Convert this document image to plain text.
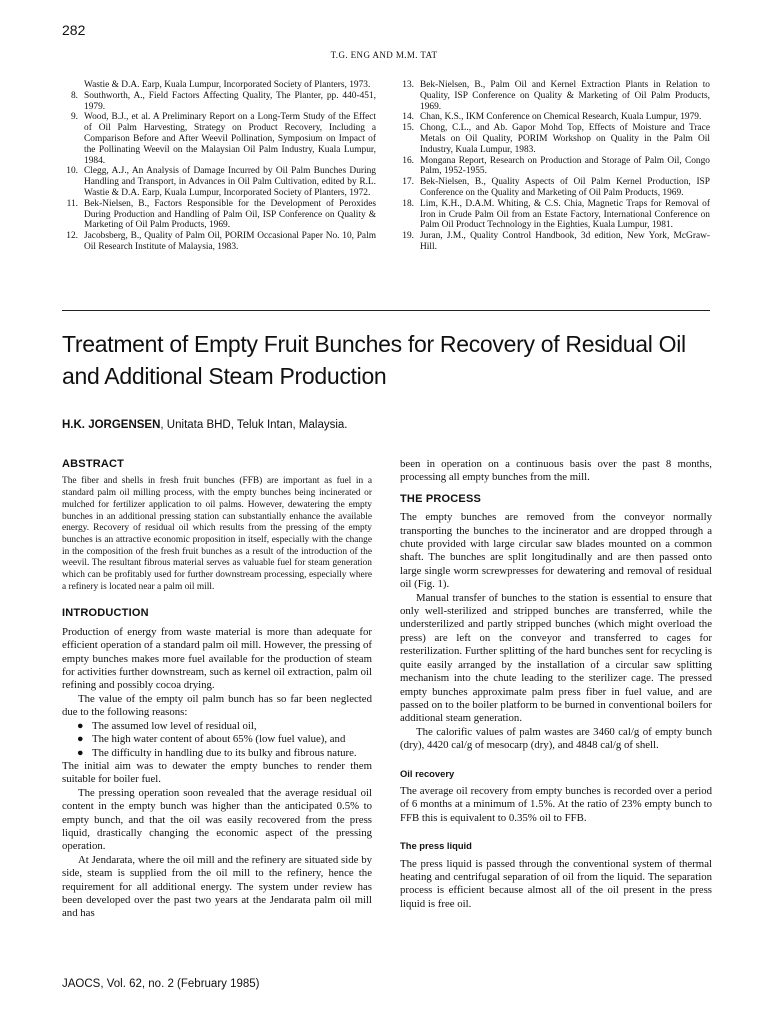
282
T.G. ENG AND M.M. TAT
Wastie & D.A. Earp, Kuala Lumpur, Incorporated Society of Planters, 1973.
8. Southworth, A., Field Factors Affecting Quality, The Planter, pp. 440-451, 1979.
9. Wood, B.J., et al. A Preliminary Report on a Long-Term Study of the Effect of Oil Palm Harvesting, Strategy on Product Recovery, Including a Comparison Before and After Weevil Pollination, Symposium on Impact of the Pollinating Weevil on the Malaysian Oil Palm Industry, Kuala Lumpur, 1984.
10. Clegg, A.J., An Analysis of Damage Incurred by Oil Palm Bunches During Handling and Transport, in Advances in Oil Palm Cultivation, edited by R.L. Wastie & D.A. Earp, Kuala Lumpur, Incorporated Society of Planters, 1972.
11. Bek-Nielsen, B., Factors Responsible for the Development of Peroxides During Production and Handling of Palm Oil, ISP Conference on Quality & Marketing of Oil Palm Products, 1969.
12. Jacobsberg, B., Quality of Palm Oil, PORIM Occasional Paper No. 10, Palm Oil Research Institute of Malaysia, 1983.
13. Bek-Nielsen, B., Palm Oil and Kernel Extraction Plants in Relation to Quality, ISP Conference on Quality & Marketing of Oil Palm Products, 1969.
14. Chan, K.S., IKM Conference on Chemical Research, Kuala Lumpur, 1979.
15. Chong, C.L., and Ab. Gapor Mohd Top, Effects of Moisture and Trace Metals on Oil Quality, PORIM Workshop on Quality in the Palm Oil Industry, Kuala Lumpur, 1983.
16. Mongana Report, Research on Production and Storage of Palm Oil, Congo Palm, 1952-1955.
17. Bek-Nielsen, B., Quality Aspects of Oil Palm Kernel Production, ISP Conference on the Quality and Marketing of Oil Palm Products, 1969.
18. Lim, K.H., D.A.M. Whiting, & C.S. Chia, Magnetic Traps for Removal of Iron in Crude Palm Oil from an Estate Factory, International Conference on Palm Oil Product Technology in the Eighties, Kuala Lumpur, 1981.
19. Juran, J.M., Quality Control Handbook, 3d edition, New York, McGraw-Hill.
Treatment of Empty Fruit Bunches for Recovery of Residual Oil and Additional Steam Production
H.K. JORGENSEN, Unitata BHD, Teluk Intan, Malaysia.
ABSTRACT

The fiber and shells in fresh fruit bunches (FFB) are important as fuel in a standard palm oil milling process, with the empty bunches being incinerated or mulched for fertilizer application to oil palms. However, dewatering the empty bunches in an additional pressing station can substantially enhance the available energy. Recovery of residual oil which results from the pressing of the empty bunches is an attractive economic proposition in itself, especially with the change in the composition of the fresh fruit bunches as a result of the introduction of the weevil. The resultant fibrous material serves as valuable fuel for steam generation which can be profitably used for further downstream processing, especially where a refinery is located near a palm oil mill.

INTRODUCTION

Production of energy from waste material is more than adequate for efficient operation of a standard palm oil mill. However, the pressing of empty bunches makes more fuel available for the production of steam for activities further downstream, such as kernel oil extraction, palm oil refining and possibly cocoa drying.

The value of the empty oil palm bunch has so far been neglected due to the following reasons:

● The assumed low level of residual oil,
● The high water content of about 65% (low fuel value), and
● The difficulty in handling due to its bulky and fibrous nature.

The initial aim was to dewater the empty bunches to render them suitable for boiler fuel.

The pressing operation soon revealed that the average residual oil content in the empty bunch was higher than the anticipated 0.5% to empty bunch, and that the oil was easily recovered from the press liquid, drastically changing the economic aspect of the pressing operation.

At Jendarata, where the oil mill and the refinery are situated side by side, steam is supplied from the oil mill to the refinery, hence the requirement for all additional energy. The system under review has been developed over the past two years at the Jendarata palm oil mill and has

been in operation on a continuous basis over the past 8 months, processing all empty bunches from the mill.

THE PROCESS

The empty bunches are removed from the conveyor normally transporting the bunches to the incinerator and are dropped through a chute provided with large circular saw blades mounted on a common shaft. The bunches are split longitudinally and are then passed onto large single worm screwpresses for dewatering and removal of residual oil (Fig. 1).

Manual transfer of bunches to the station is essential to ensure that only well-sterilized and stripped bunches are transferred, while the understerilized and partly stripped bunches (which might overload the press) are left on the conveyor and transferred to cages for resterilization. Further splitting of the hard bunches sent for recycling is quite easily arranged by the installation of a circular saw splitting mechanism into the chute leading to the sterilizer cage. The pressed empty bunches approximate palm press fiber in fuel value, and are passed on to the boiler platform to be burned in conventional boilers for additional steam generation.

The calorific values of palm wastes are 3460 cal/g of empty bunch (dry), 4420 cal/g of mesocarp (dry), and 4848 cal/g of shell.

Oil recovery

The average oil recovery from empty bunches is recorded over a period of 6 months at a minimum of 1.5%. At the ratio of 23% empty bunch to FFB this is equivalent to 0.35% oil to FFB.

The press liquid

The press liquid is passed through the conventional system of thermal heating and centrifugal separation of oil from the liquid. The separation process is efficient because almost all of the oil present in the press liquid is free oil.

JAOCS, Vol. 62, no. 2 (February 1985)
